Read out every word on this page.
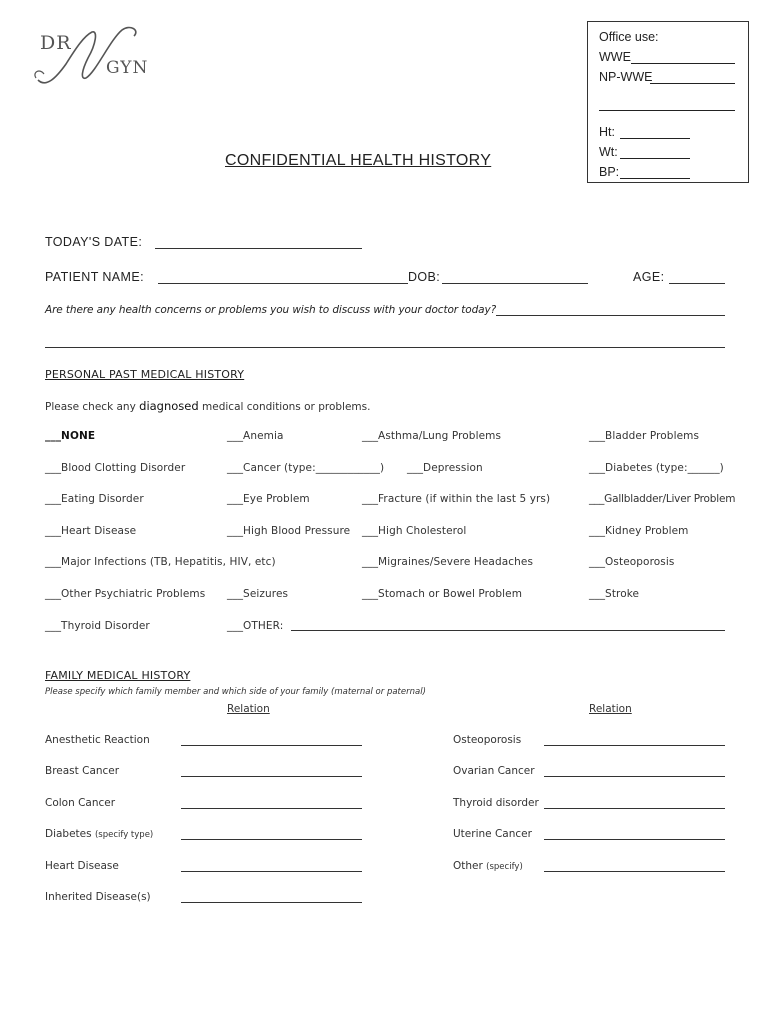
DR
GYN
Office use:
WWE
NP-WWE
Ht:
Wt:
BP:
CONFIDENTIAL HEALTH HISTORY
TODAY'S DATE:
PATIENT NAME:	DOB:	AGE:
Are there any health concerns or problems you wish to discuss with your doctor today?
PERSONAL PAST MEDICAL HISTORY
Please check any diagnosed medical conditions or problems.
___NONE	___Anemia	___Asthma/Lung Problems	___Bladder Problems
___Blood Clotting Disorder	___Cancer (type:____________) ___Depression	___Diabetes (type:______)
___Eating Disorder	___Eye Problem	___Fracture (if within the last 5 yrs)	___Gallbladder/Liver Problem
___Heart Disease	___High Blood Pressure ___High Cholesterol	___Kidney Problem
___Major Infections (TB, Hepatitis, HIV, etc)	___Migraines/Severe Headaches	___Osteoporosis
___Other Psychiatric Problems ___Seizures	___Stomach or Bowel Problem	___Stroke
___Thyroid Disorder	___OTHER:
FAMILY MEDICAL HISTORY
Please specify which family member and which side of your family (maternal or paternal)
Relation	Relation
Anesthetic Reaction	Osteoporosis
Breast Cancer	Ovarian Cancer
Colon Cancer	Thyroid disorder
Diabetes (specify type)	Uterine Cancer
Heart Disease	Other (specify)
Inherited Disease(s)
